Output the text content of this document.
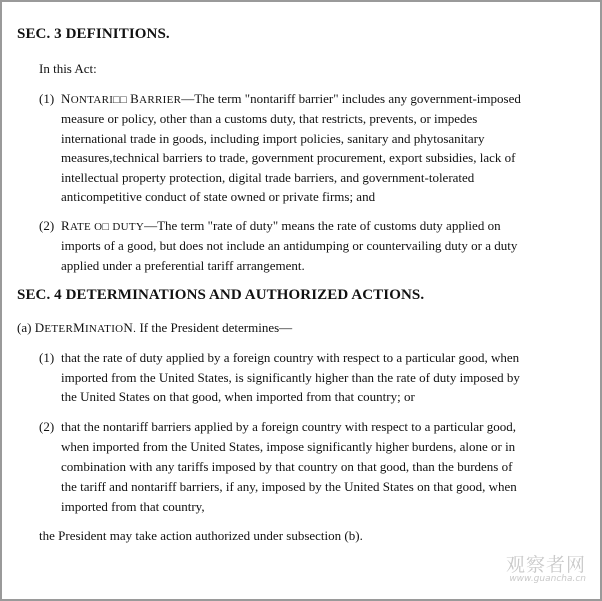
SEC. 3 DEFINITIONS.
In this Act:
(1) NONTARI□□ BARRIER—The term "nontariff barrier" includes any government-imposed
measure or policy, other than a customs duty, that restricts, prevents, or impedes
international trade in goods, including import policies, sanitary and phytosanitary
measures,technical barriers to trade, government procurement, export subsidies, lack of
intellectual property protection, digital trade barriers, and government-tolerated
anticompetitive conduct of state owned or private firms; and
(2) RATE O□ DUTY—The term "rate of duty" means the rate of customs duty applied on
imports of a good, but does not include an antidumping or countervailing duty or a duty
applied under a preferential tariff arrangement.
SEC. 4 DETERMINATIONS AND AUTHORIZED ACTIONS.
(a) DETERMINATION. If the President determines—
(1) that the rate of duty applied by a foreign country with respect to a particular good, when
imported from the United States, is significantly higher than the rate of duty imposed by
the United States on that good, when imported from that country; or
(2) that the nontariff barriers applied by a foreign country with respect to a particular good,
when imported from the United States, impose significantly higher burdens, alone or in
combination with any tariffs imposed by that country on that good, than the burdens of
the tariff and nontariff barriers, if any, imposed by the United States on that good, when
imported from that country,
the President may take action authorized under subsection (b).
观察者网
www.guancha.cn
